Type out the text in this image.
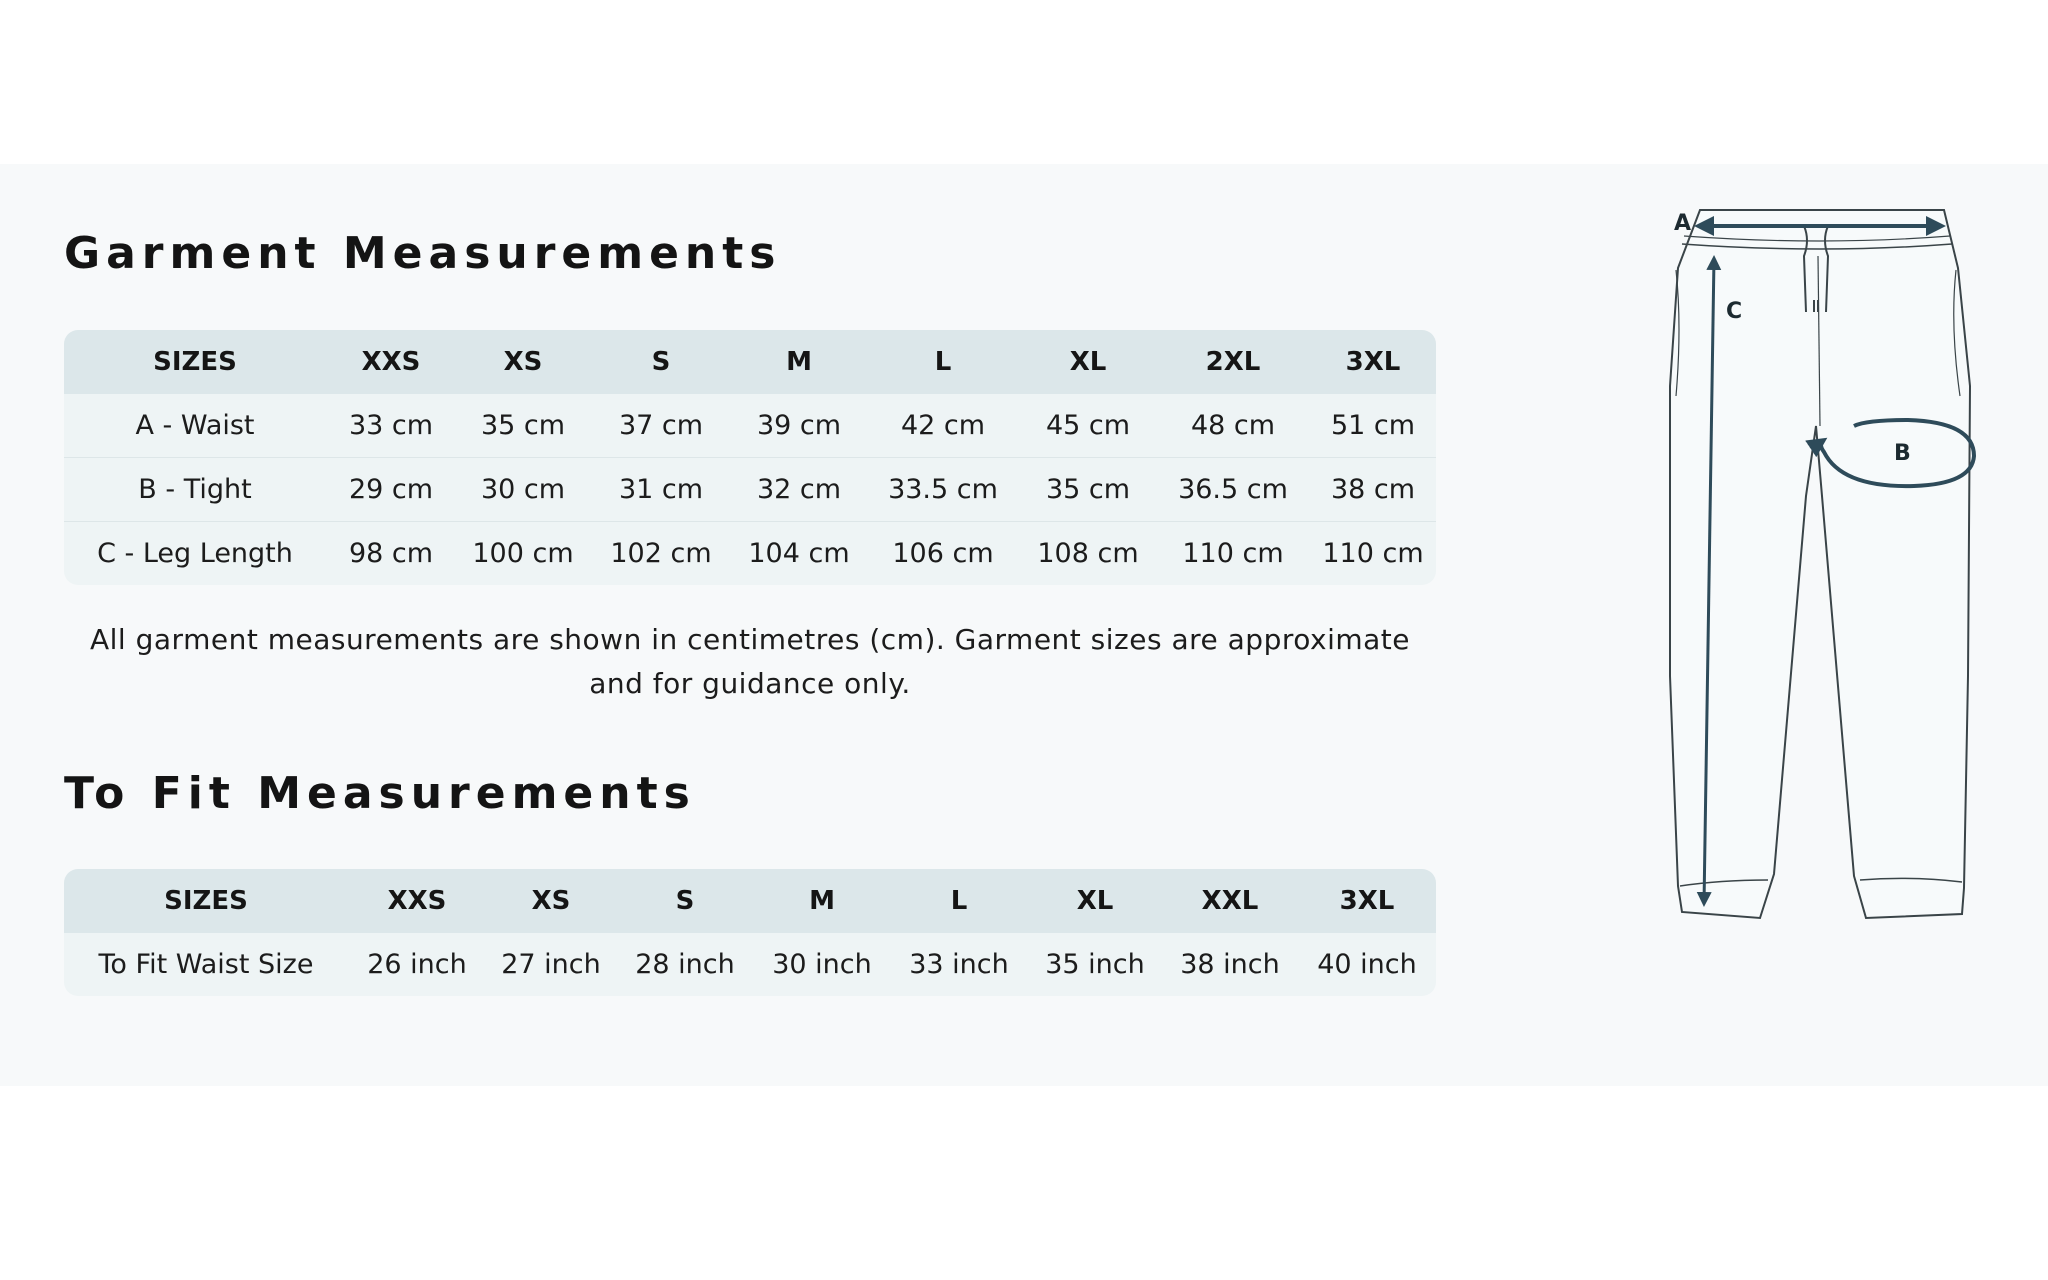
Garment Measurements
SIZES	XXS	XS	S	M	L	XL	2XL	3XL
A - Waist	33 cm	35 cm	37 cm	39 cm	42 cm	45 cm	48 cm	51 cm
B - Tight	29 cm	30 cm	31 cm	32 cm	33.5 cm	35 cm	36.5 cm	38 cm
C - Leg Length	98 cm	100 cm	102 cm	104 cm	106 cm	108 cm	110 cm	110 cm

All garment measurements are shown in centimetres (cm). Garment sizes are approximate and for guidance only.

To Fit Measurements
SIZES	XXS	XS	S	M	L	XL	XXL	3XL
To Fit Waist Size	26 inch	27 inch	28 inch	30 inch	33 inch	35 inch	38 inch	40 inch
A
C
B
